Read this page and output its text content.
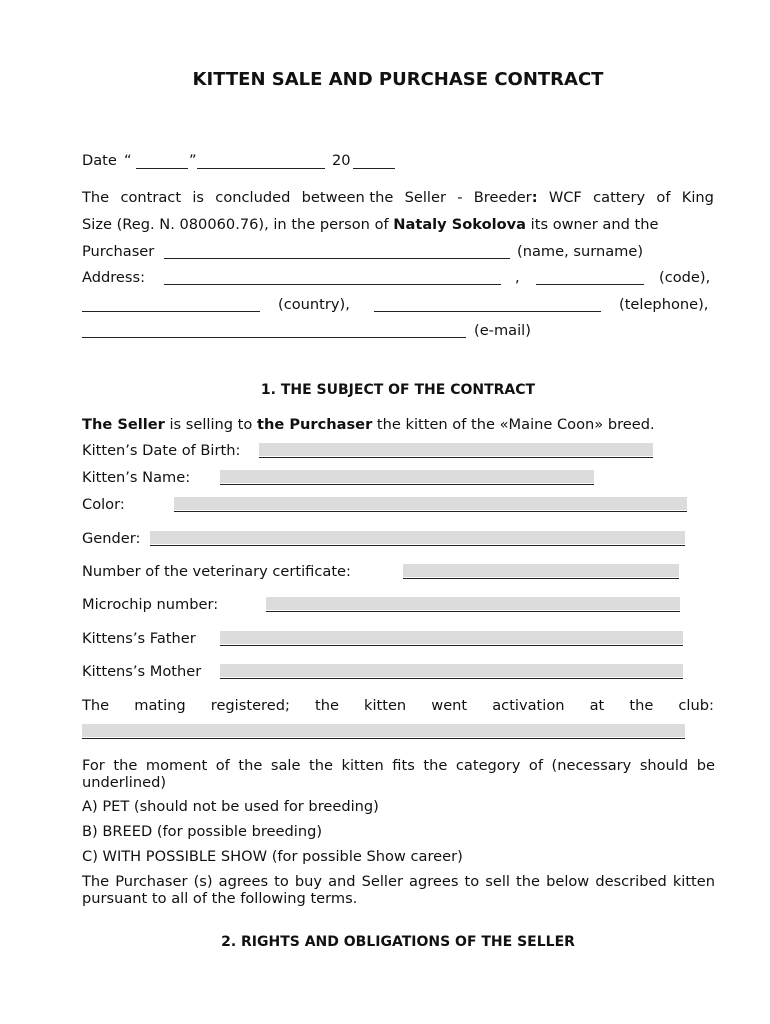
KITTEN SALE AND PURCHASE CONTRACT
Date “	”	20
The contract is concluded between the Seller - Breeder: WCF cattery of King
Size (Reg. N. 080060.76), in the person of Nataly Sokolova its owner and the
Purchaser	(name, surname)
Address:	,	(code),
(country),	(telephone),
(e-mail)
1. THE SUBJECT OF THE CONTRACT
The Seller is selling to the Purchaser the kitten of the «Maine Coon» breed.
Kitten’s Date of Birth:
Kitten’s Name:
Color:
Gender:
Number of the veterinary certificate:
Microchip number:
Kittens’s Father
Kittens’s Mother
The mating registered; the kitten went activation at the club:
For the moment of the sale the kitten fits the category of (necessary should be underlined)
A) PET (should not be used for breeding)
B) BREED (for possible breeding)
C) WITH POSSIBLE SHOW (for possible Show career)
The Purchaser (s) agrees to buy and Seller agrees to sell the below described kitten pursuant to all of the following terms.
2. RIGHTS AND OBLIGATIONS OF THE SELLER
